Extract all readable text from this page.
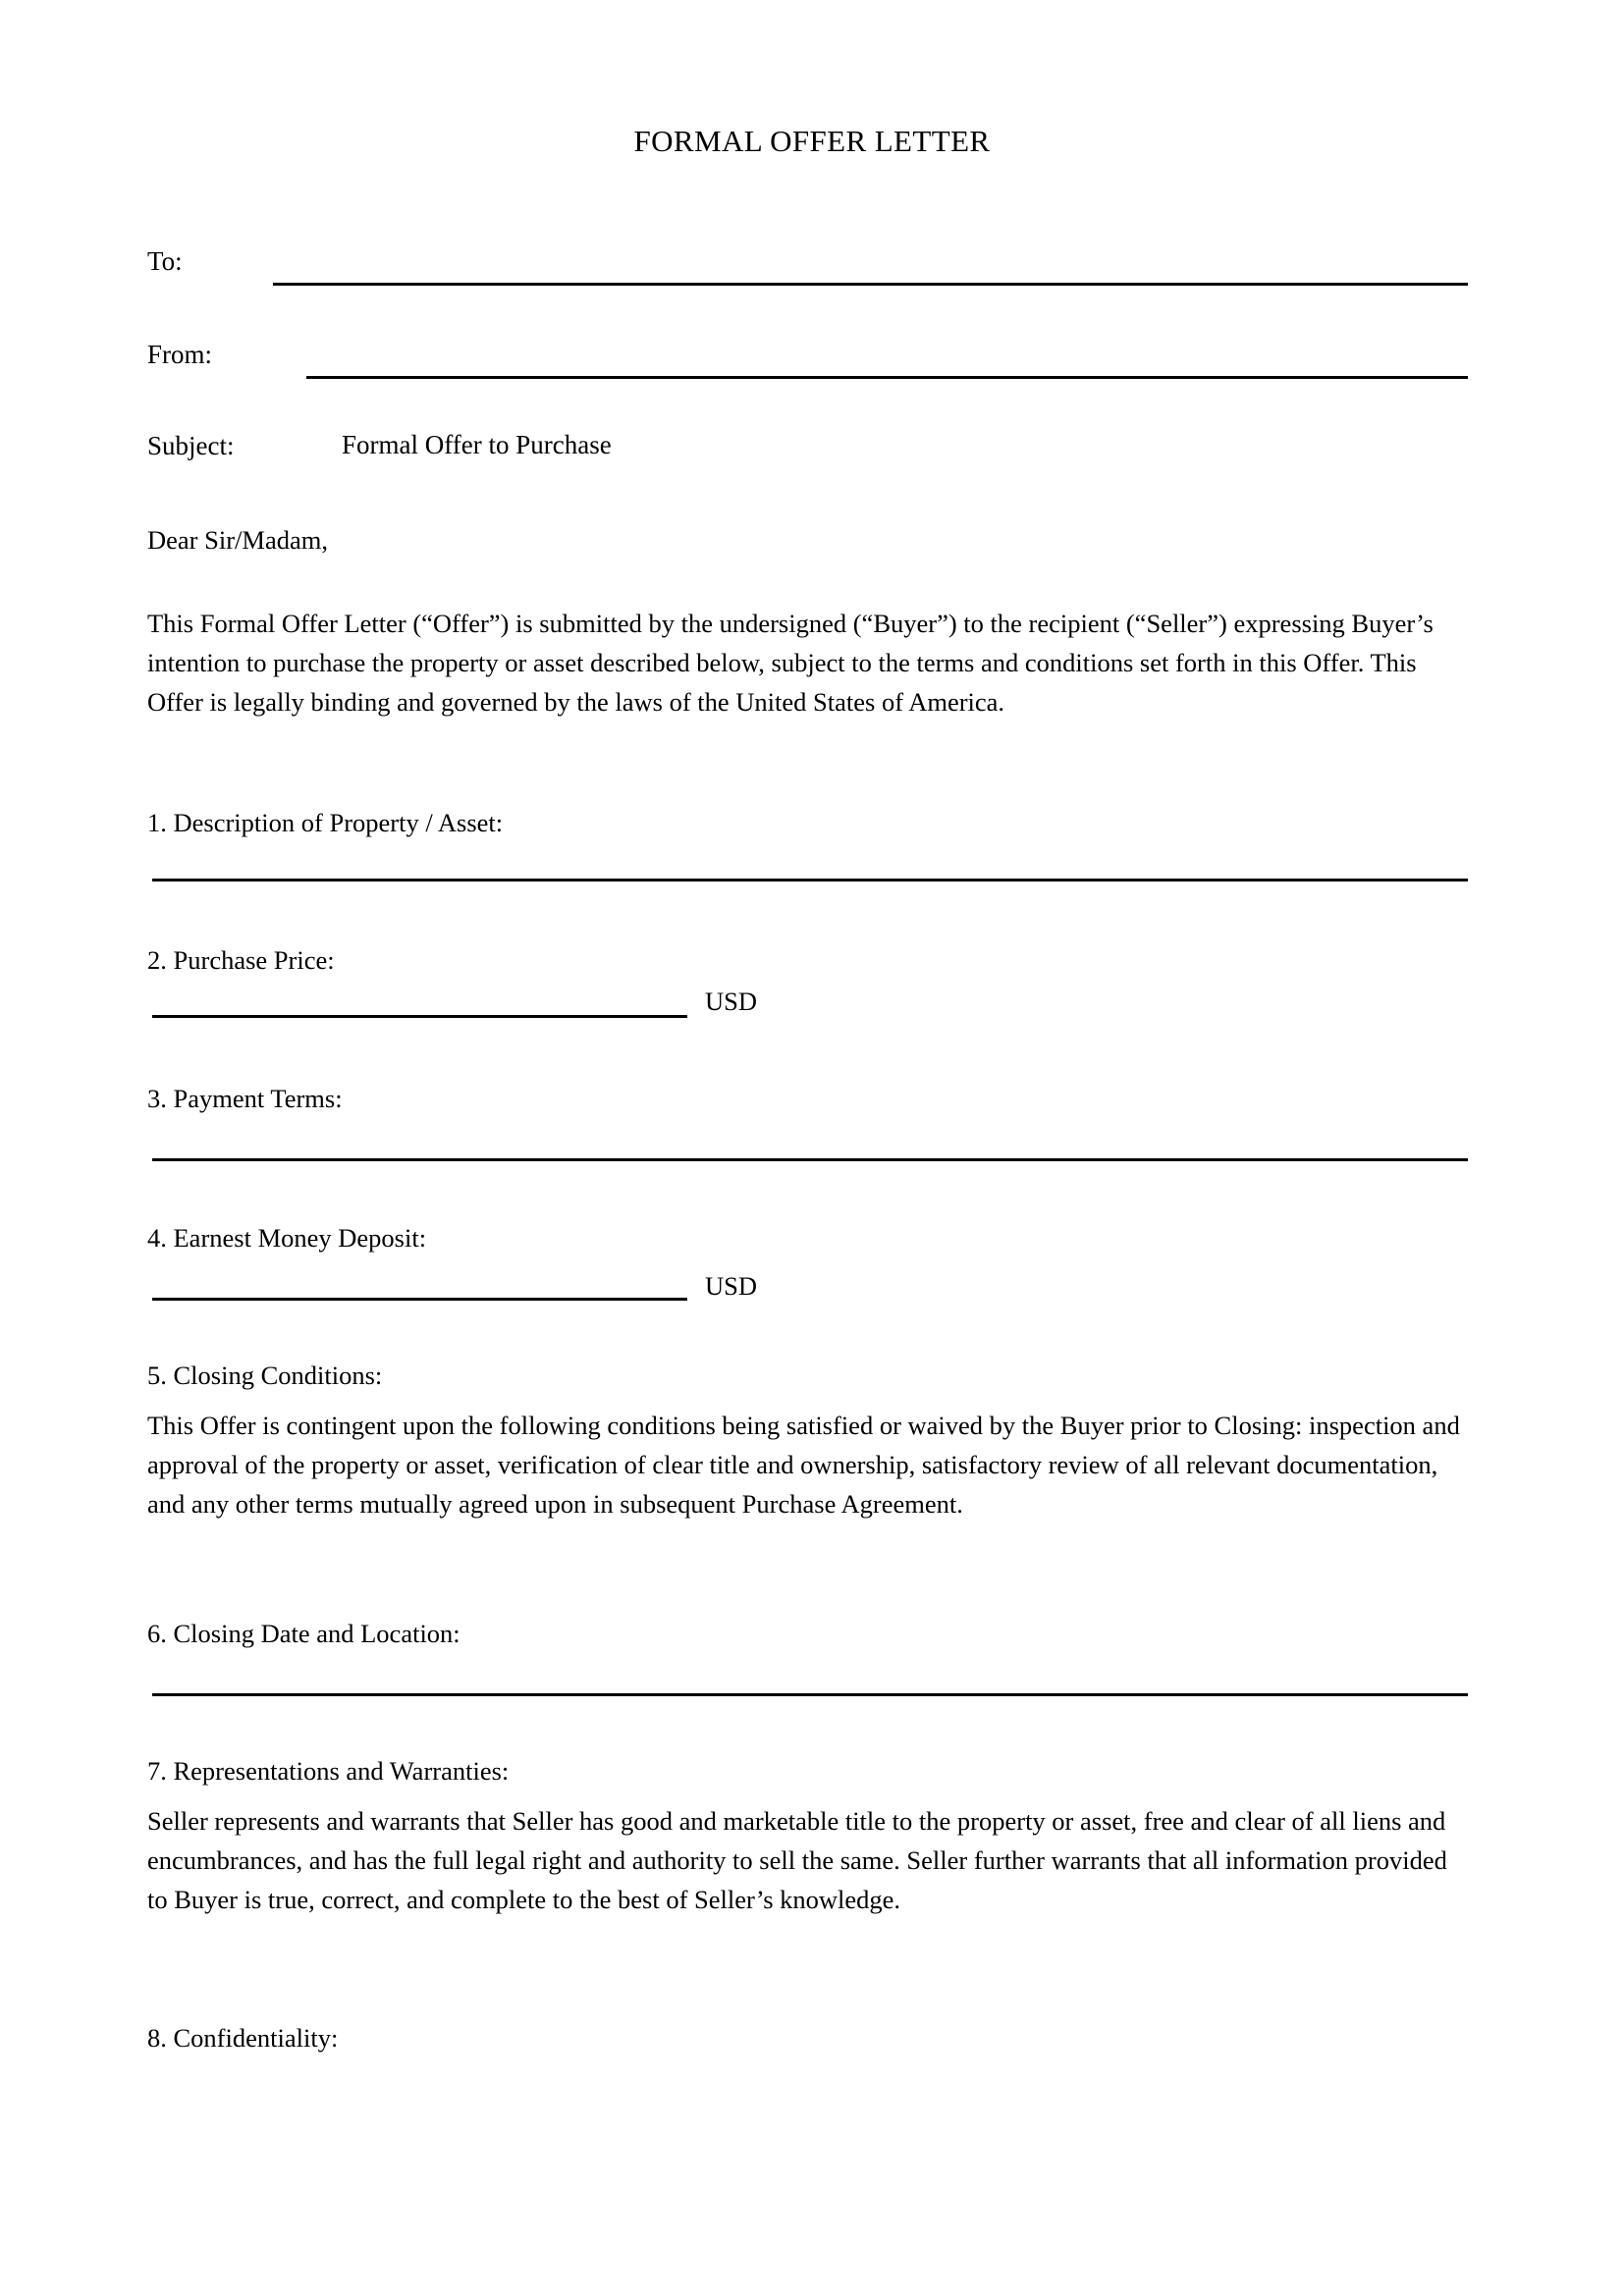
FORMAL OFFER LETTER
To:
From:
Subject:	Formal Offer to Purchase
Dear Sir/Madam,
This Formal Offer Letter (“Offer”) is submitted by the undersigned (“Buyer”) to the recipient (“Seller”) expressing Buyer’s intention to purchase the property or asset described below, subject to the terms and conditions set forth in this Offer. This Offer is legally binding and governed by the laws of the United States of America.
1. Description of Property / Asset:
2. Purchase Price:
USD
3. Payment Terms:
4. Earnest Money Deposit:
USD
5. Closing Conditions:
This Offer is contingent upon the following conditions being satisfied or waived by the Buyer prior to Closing: inspection and approval of the property or asset, verification of clear title and ownership, satisfactory review of all relevant documentation, and any other terms mutually agreed upon in subsequent Purchase Agreement.
6. Closing Date and Location:
7. Representations and Warranties:
Seller represents and warrants that Seller has good and marketable title to the property or asset, free and clear of all liens and encumbrances, and has the full legal right and authority to sell the same. Seller further warrants that all information provided to Buyer is true, correct, and complete to the best of Seller’s knowledge.
8. Confidentiality:
